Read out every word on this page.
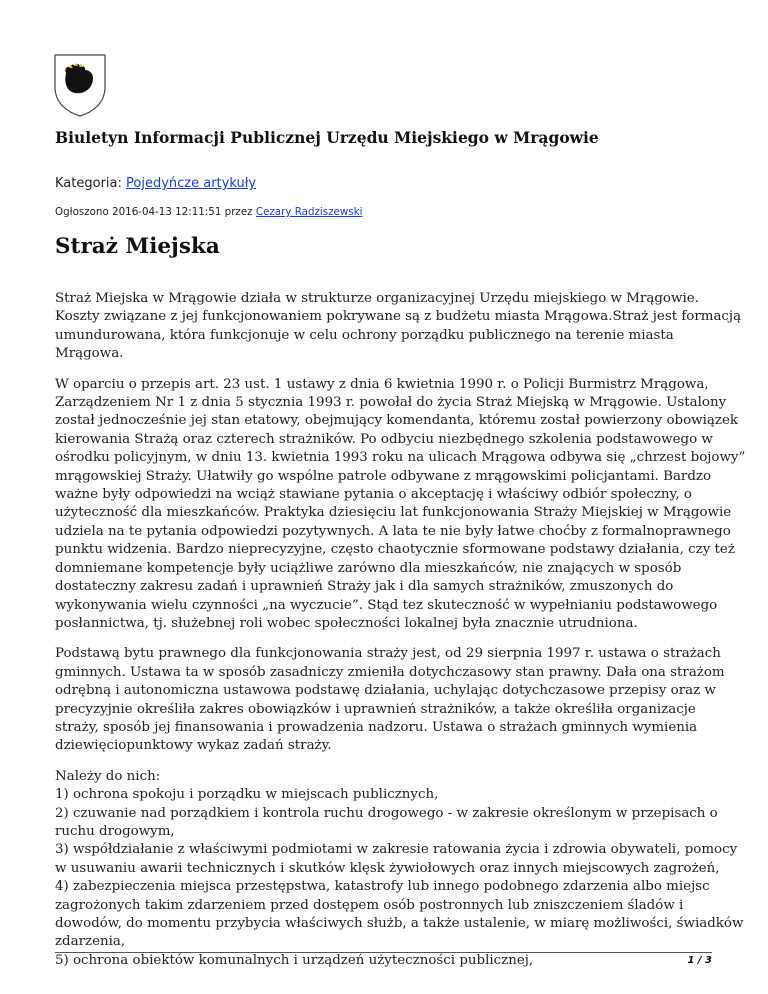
Biuletyn Informacji Publicznej Urzędu Miejskiego w Mrągowie
Kategoria: Pojedyńcze artykuły
Ogłoszono 2016-04-13 12:11:51 przez Cezary Radziszewski
Straż Miejska

Straż Miejska w Mrągowie działa w strukturze organizacyjnej Urzędu miejskiego w Mrągowie.
Koszty związane z jej funkcjonowaniem pokrywane są z budżetu miasta Mrągowa.Straż jest formacją
umundurowana, która funkcjonuje w celu ochrony porządku publicznego na terenie miasta
Mrągowa.

W oparciu o przepis art. 23 ust. 1 ustawy z dnia 6 kwietnia 1990 r. o Policji Burmistrz Mrągowa,
Zarządzeniem Nr 1 z dnia 5 stycznia 1993 r. powołał do życia Straż Miejską w Mrągowie. Ustalony
został jednocześnie jej stan etatowy, obejmujący komendanta, któremu został powierzony obowiązek
kierowania Strażą oraz czterech strażników. Po odbyciu niezbędnego szkolenia podstawowego w
ośrodku policyjnym, w dniu 13. kwietnia 1993 roku na ulicach Mrągowa odbywa się „chrzest bojowy”
mrągowskiej Straży. Ułatwiły go wspólne patrole odbywane z mrągowskimi policjantami. Bardzo
ważne były odpowiedzi na wciąż stawiane pytania o akceptację i właściwy odbiór społeczny, o
użyteczność dla mieszkańców. Praktyka dziesięciu lat funkcjonowania Straży Miejskiej w Mrągowie
udziela na te pytania odpowiedzi pozytywnych. A lata te nie były łatwe choćby z formalnoprawnego
punktu widzenia. Bardzo nieprecyzyjne, często chaotycznie sformowane podstawy działania, czy też
domniemane kompetencje były uciążliwe zarówno dla mieszkańców, nie znających w sposób
dostateczny zakresu zadań i uprawnień Straży jak i dla samych strażników, zmuszonych do
wykonywania wielu czynności „na wyczucie”. Stąd tez skuteczność w wypełnianiu podstawowego
posłannictwa, tj. służebnej roli wobec społeczności lokalnej była znacznie utrudniona.

Podstawą bytu prawnego dla funkcjonowania straży jest, od 29 sierpnia 1997 r. ustawa o strażach
gminnych. Ustawa ta w sposób zasadniczy zmieniła dotychczasowy stan prawny. Dała ona strażom
odrębną i autonomiczna ustawowa podstawę działania, uchylając dotychczasowe przepisy oraz w
precyzyjnie określiła zakres obowiązków i uprawnień strażników, a także określiła organizacje
straży, sposób jej finansowania i prowadzenia nadzoru. Ustawa o strażach gminnych wymienia
dziewięciopunktowy wykaz zadań straży.

Należy do nich:
1) ochrona spokoju i porządku w miejscach publicznych,
2) czuwanie nad porządkiem i kontrola ruchu drogowego - w zakresie określonym w przepisach o
ruchu drogowym,
3) współdziałanie z właściwymi podmiotami w zakresie ratowania życia i zdrowia obywateli, pomocy
w usuwaniu awarii technicznych i skutków klęsk żywiołowych oraz innych miejscowych zagrożeń,
4) zabezpieczenia miejsca przestępstwa, katastrofy lub innego podobnego zdarzenia albo miejsc
zagrożonych takim zdarzeniem przed dostępem osób postronnych lub zniszczeniem śladów i
dowodów, do momentu przybycia właściwych służb, a także ustalenie, w miarę możliwości, świadków
zdarzenia,
5) ochrona obiektów komunalnych i urządzeń użyteczności publicznej,	1 / 3
